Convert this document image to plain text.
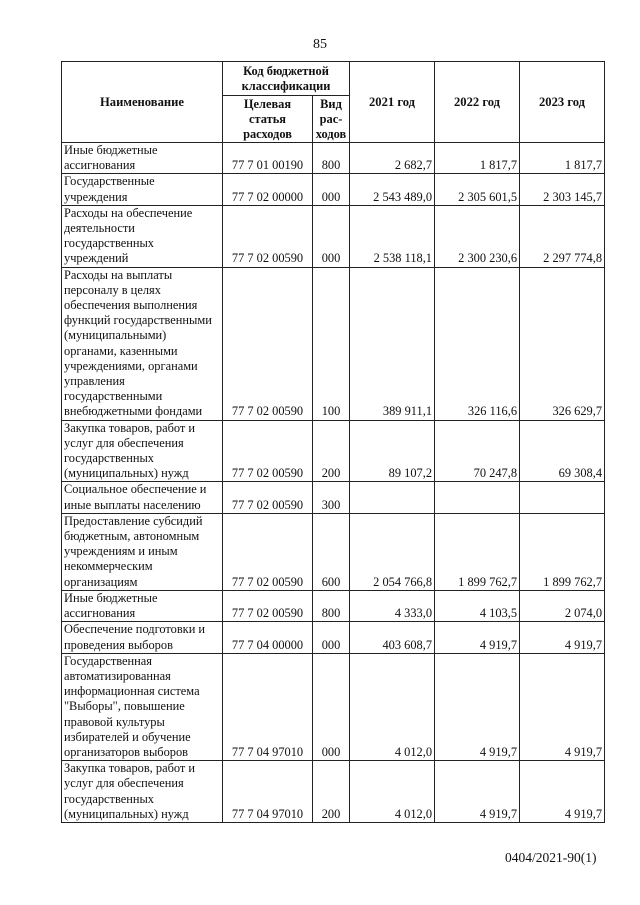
85
Наименование	Код бюджетной классификации		2021 год	2022 год	2023 год
	Целевая статья расходов	Вид рас-ходов			
Иные бюджетные ассигнования	77 7 01 00190	800	2 682,7	1 817,7	1 817,7
Государственные учреждения	77 7 02 00000	000	2 543 489,0	2 305 601,5	2 303 145,7
Расходы на обеспечение деятельности государственных учреждений	77 7 02 00590	000	2 538 118,1	2 300 230,6	2 297 774,8
Расходы на выплаты персоналу в целях обеспечения выполнения функций государственными (муниципальными) органами, казенными учреждениями, органами управления государственными внебюджетными фондами	77 7 02 00590	100	389 911,1	326 116,6	326 629,7
Закупка товаров, работ и услуг для обеспечения государственных (муниципальных) нужд	77 7 02 00590	200	89 107,2	70 247,8	69 308,4
Социальное обеспечение и иные выплаты населению	77 7 02 00590	300			
Предоставление субсидий бюджетным, автономным учреждениям и иным некоммерческим организациям	77 7 02 00590	600	2 054 766,8	1 899 762,7	1 899 762,7
Иные бюджетные ассигнования	77 7 02 00590	800	4 333,0	4 103,5	2 074,0
Обеспечение подготовки и проведения выборов	77 7 04 00000	000	403 608,7	4 919,7	4 919,7
Государственная автоматизированная информационная система "Выборы", повышение правовой культуры избирателей и обучение организаторов выборов	77 7 04 97010	000	4 012,0	4 919,7	4 919,7
Закупка товаров, работ и услуг для обеспечения государственных (муниципальных) нужд	77 7 04 97010	200	4 012,0	4 919,7	4 919,7
0404/2021-90(1)
